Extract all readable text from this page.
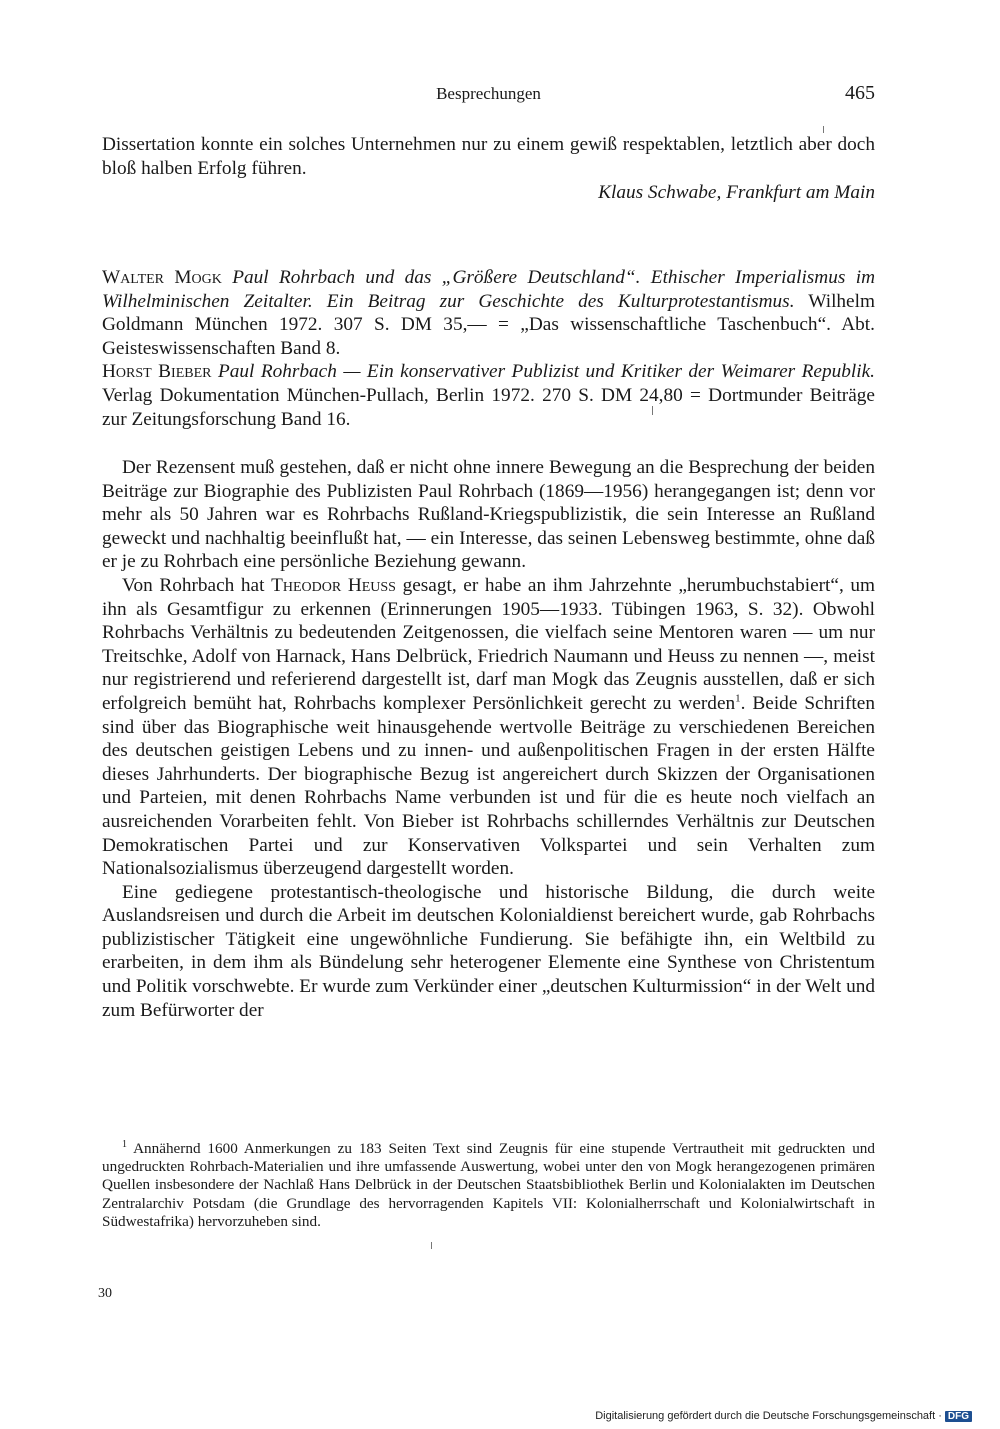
Besprechungen	465
Dissertation konnte ein solches Unternehmen nur zu einem gewiß respektablen, letztlich aber doch bloß halben Erfolg führen.
Klaus Schwabe, Frankfurt am Main

Walter Mogk Paul Rohrbach und das „Größere Deutschland“. Ethischer Imperialismus im Wilhelminischen Zeitalter. Ein Beitrag zur Geschichte des Kulturprotestantismus. Wilhelm Goldmann München 1972. 307 S. DM 35,— = „Das wissenschaftliche Taschenbuch“. Abt. Geisteswissenschaften Band 8.

Horst Bieber Paul Rohrbach — Ein konservativer Publizist und Kritiker der Weimarer Republik. Verlag Dokumentation München-Pullach, Berlin 1972. 270 S. DM 24,80 = Dortmunder Beiträge zur Zeitungsforschung Band 16.

Der Rezensent muß gestehen, daß er nicht ohne innere Bewegung an die Besprechung der beiden Beiträge zur Biographie des Publizisten Paul Rohrbach (1869—1956) herangegangen ist; denn vor mehr als 50 Jahren war es Rohrbachs Rußland-Kriegspublizistik, die sein Interesse an Rußland geweckt und nachhaltig beeinflußt hat, — ein Interesse, das seinen Lebensweg bestimmte, ohne daß er je zu Rohrbach eine persönliche Beziehung gewann.

Von Rohrbach hat Theodor Heuss gesagt, er habe an ihm Jahrzehnte „herumbuchstabiert“, um ihn als Gesamtfigur zu erkennen (Erinnerungen 1905—1933. Tübingen 1963, S. 32). Obwohl Rohrbachs Verhältnis zu bedeutenden Zeitgenossen, die vielfach seine Mentoren waren — um nur Treitschke, Adolf von Harnack, Hans Delbrück, Friedrich Naumann und Heuss zu nennen —, meist nur registrierend und referierend dargestellt ist, darf man Mogk das Zeugnis ausstellen, daß er sich erfolgreich bemüht hat, Rohrbachs komplexer Persönlichkeit gerecht zu werden$^1$. Beide Schriften sind über das Biographische weit hinausgehende wertvolle Beiträge zu verschiedenen Bereichen des deutschen geistigen Lebens und zu innen- und außenpolitischen Fragen in der ersten Hälfte dieses Jahrhunderts. Der biographische Bezug ist angereichert durch Skizzen der Organisationen und Parteien, mit denen Rohrbachs Name verbunden ist und für die es heute noch vielfach an ausreichenden Vorarbeiten fehlt. Von Bieber ist Rohrbachs schillerndes Verhältnis zur Deutschen Demokratischen Partei und zur Konservativen Volkspartei und sein Verhalten zum Nationalsozialismus überzeugend dargestellt worden.

Eine gediegene protestantisch-theologische und historische Bildung, die durch weite Auslandsreisen und durch die Arbeit im deutschen Kolonialdienst bereichert wurde, gab Rohrbachs publizistischer Tätigkeit eine ungewöhnliche Fundierung. Sie befähigte ihn, ein Weltbild zu erarbeiten, in dem ihm als Bündelung sehr heterogener Elemente eine Synthese von Christentum und Politik vorschwebte. Er wurde zum Verkünder einer „deutschen Kulturmission“ in der Welt und zum Befürworter der

$^1$ Annähernd 1600 Anmerkungen zu 183 Seiten Text sind Zeugnis für eine stupende Vertrautheit mit gedruckten und ungedruckten Rohrbach-Materialien und ihre umfassende Auswertung, wobei unter den von Mogk herangezogenen primären Quellen insbesondere der Nachlaß Hans Delbrück in der Deutschen Staatsbibliothek Berlin und Kolonialakten im Deutschen Zentralarchiv Potsdam (die Grundlage des hervorragenden Kapitels VII: Kolonialherrschaft und Kolonialwirtschaft in Südwestafrika) hervorzuheben sind.

30
Digitalisierung gefördert durch die Deutsche Forschungsgemeinschaft · DFG
